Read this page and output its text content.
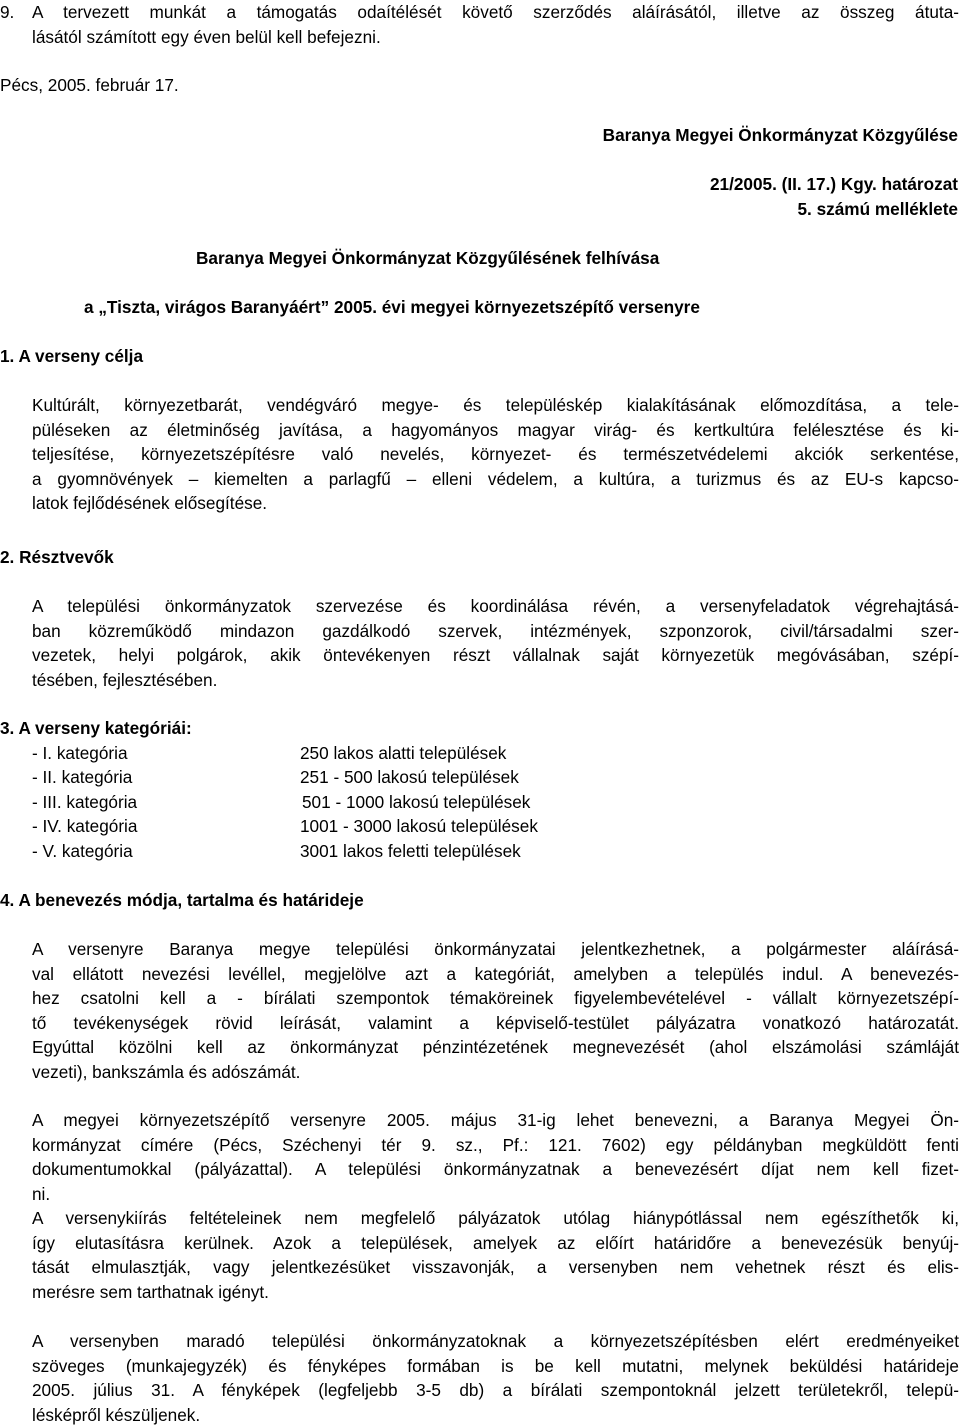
9. A tervezett munkát a támogatás odaítélését követő szerződés aláírásától, illetve az összeg átuta-
lásától számított egy éven belül kell befejezni.
Pécs, 2005. február 17.
Baranya Megyei Önkormányzat Közgyűlése
21/2005. (II. 17.) Kgy. határozat
5. számú melléklete
Baranya Megyei Önkormányzat Közgyűlésének felhívása
a „Tiszta, virágos Baranyáért” 2005. évi megyei környezetszépítő versenyre
1. A verseny célja
Kultúrált, környezetbarát, vendégváró megye- és településkép kialakításának előmozdítása, a tele-
püléseken az életminőség javítása, a hagyományos magyar virág- és kertkultúra felélesztése és ki-
teljesítése, környezetszépítésre való nevelés, környezet- és természetvédelemi akciók serkentése,
a gyomnövények – kiemelten a parlagfű – elleni védelem, a kultúra, a turizmus és az EU-s kapcso-
latok fejlődésének elősegítése.
2. Résztvevők
A települési önkormányzatok szervezése és koordinálása révén, a versenyfeladatok végrehajtásá-
ban közreműködő mindazon gazdálkodó szervek, intézmények, szponzorok, civil/társadalmi szer-
vezetek, helyi polgárok, akik öntevékenyen részt vállalnak saját környezetük megóvásában, szépí-
tésében, fejlesztésében.
3. A verseny kategóriái:
- I. kategória	250 lakos alatti települések
- II. kategória	251 - 500 lakosú települések
- III. kategória	501 - 1000 lakosú települések
- IV. kategória	1001 - 3000 lakosú települések
- V. kategória	3001 lakos feletti települések
4. A benevezés módja, tartalma és határideje
A versenyre Baranya megye települési önkormányzatai jelentkezhetnek, a polgármester aláírásá-
val ellátott nevezési levéllel, megjelölve azt a kategóriát, amelyben a település indul. A benevezés-
hez csatolni kell a - bírálati szempontok témaköreinek figyelembevételével - vállalt környezetszépí-
tő tevékenységek rövid leírását, valamint a képviselő-testület pályázatra vonatkozó határozatát.
Egyúttal közölni kell az önkormányzat pénzintézetének megnevezését (ahol elszámolási számláját
vezeti), bankszámla és adószámát.
A megyei környezetszépítő versenyre 2005. május 31-ig lehet benevezni, a Baranya Megyei Ön-
kormányzat címére (Pécs, Széchenyi tér 9. sz., Pf.: 121. 7602) egy példányban megküldött fenti
dokumentumokkal (pályázattal). A települési önkormányzatnak a benevezésért díjat nem kell fizet-
ni.
A versenykiírás feltételeinek nem megfelelő pályázatok utólag hiánypótlással nem egészíthetők ki,
így elutasításra kerülnek. Azok a települések, amelyek az előírt határidőre a benevezésük benyúj-
tását elmulasztják, vagy jelentkezésüket visszavonják, a versenyben nem vehetnek részt és elis-
merésre sem tarthatnak igényt.
A versenyben maradó települési önkormányzatoknak a környezetszépítésben elért eredményeiket
szöveges (munkajegyzék) és fényképes formában is be kell mutatni, melynek beküldési határideje
2005. július 31. A fényképek (legfeljebb 3-5 db) a bírálati szempontoknál jelzett területekről, telepü-
lésképről készüljenek.
